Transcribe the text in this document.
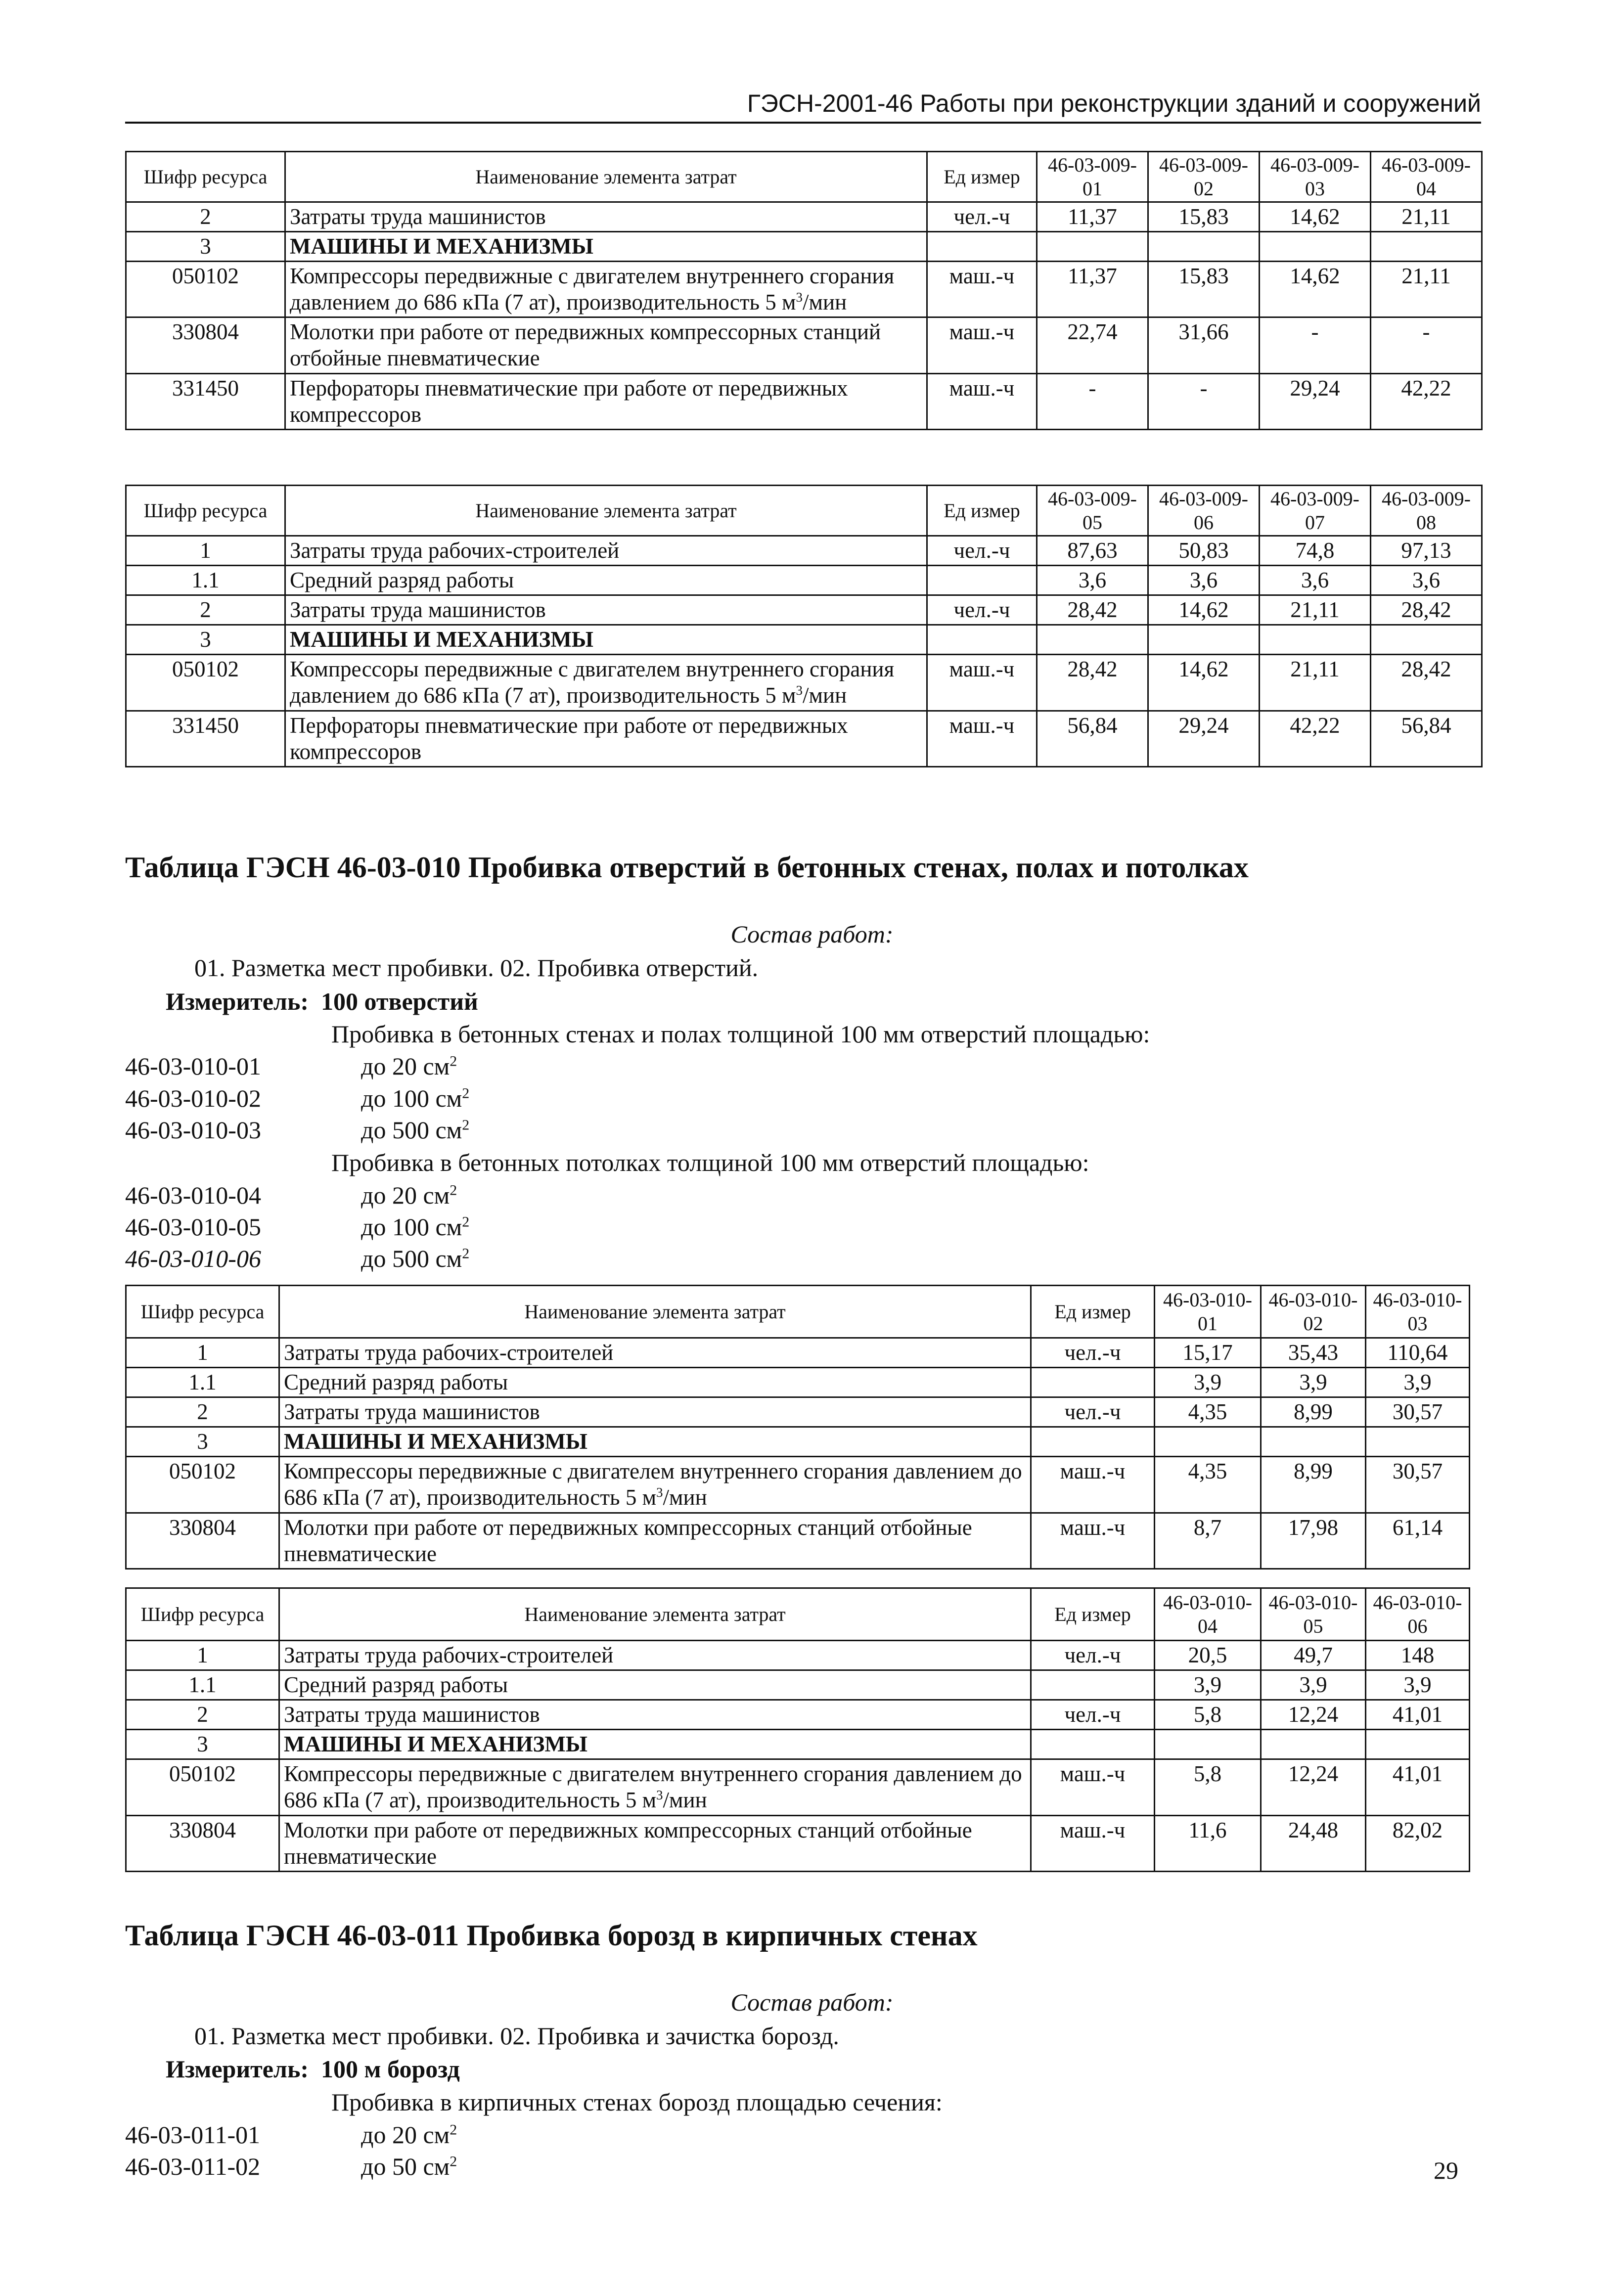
ГЭСН-2001-46 Работы при реконструкции зданий и сооружений
Шифр ресурса	Наименование элемента затрат	Ед измер	46-03-009-01	46-03-009-02	46-03-009-03	46-03-009-04
2	Затраты труда машинистов	чел.-ч	11,37	15,83	14,62	21,11
3	МАШИНЫ И МЕХАНИЗМЫ					
050102	Компрессоры передвижные с двигателем внутреннего сгорания давлением до 686 кПа (7 ат), производительность 5 $м^3$/мин	маш.-ч	11,37	15,83	14,62	21,11
330804	Молотки при работе от передвижных компрессорных станций отбойные пневматические	маш.-ч	22,74	31,66	-	-
331450	Перфораторы пневматические при работе от передвижных компрессоров	маш.-ч	-	-	29,24	42,22
Шифр ресурса	Наименование элемента затрат	Ед измер	46-03-009-05	46-03-009-06	46-03-009-07	46-03-009-08
1	Затраты труда рабочих-строителей	чел.-ч	87,63	50,83	74,8	97,13
1.1	Средний разряд работы		3,6	3,6	3,6	3,6
2	Затраты труда машинистов	чел.-ч	28,42	14,62	21,11	28,42
3	МАШИНЫ И МЕХАНИЗМЫ					
050102	Компрессоры передвижные с двигателем внутреннего сгорания давлением до 686 кПа (7 ат), производительность 5 $м^3$/мин	маш.-ч	28,42	14,62	21,11	28,42
331450	Перфораторы пневматические при работе от передвижных компрессоров	маш.-ч	56,84	29,24	42,22	56,84
Таблица ГЭСН 46-03-010 Пробивка отверстий в бетонных стенах, полах и потолках
Состав работ:
01. Разметка мест пробивки. 02. Пробивка отверстий.
Измеритель: 100 отверстий
Пробивка в бетонных стенах и полах толщиной 100 мм отверстий площадью:
46-03-010-01	до 20 $см^2$
46-03-010-02	до 100 $см^2$
46-03-010-03	до 500 $см^2$
Пробивка в бетонных потолках толщиной 100 мм отверстий площадью:
46-03-010-04	до 20 $см^2$
46-03-010-05	до 100 $см^2$
46-03-010-06	до 500 $см^2$
Шифр ресурса	Наименование элемента затрат	Ед измер	46-03-010-01	46-03-010-02	46-03-010-03
1	Затраты труда рабочих-строителей	чел.-ч	15,17	35,43	110,64
1.1	Средний разряд работы		3,9	3,9	3,9
2	Затраты труда машинистов	чел.-ч	4,35	8,99	30,57
3	МАШИНЫ И МЕХАНИЗМЫ				
050102	Компрессоры передвижные с двигателем внутреннего сгорания давлением до 686 кПа (7 ат), производительность 5 $м^3$/мин	маш.-ч	4,35	8,99	30,57
330804	Молотки при работе от передвижных компрессорных станций отбойные пневматические	маш.-ч	8,7	17,98	61,14
Шифр ресурса	Наименование элемента затрат	Ед измер	46-03-010-04	46-03-010-05	46-03-010-06
1	Затраты труда рабочих-строителей	чел.-ч	20,5	49,7	148
1.1	Средний разряд работы		3,9	3,9	3,9
2	Затраты труда машинистов	чел.-ч	5,8	12,24	41,01
3	МАШИНЫ И МЕХАНИЗМЫ				
050102	Компрессоры передвижные с двигателем внутреннего сгорания давлением до 686 кПа (7 ат), производительность 5 $м^3$/мин	маш.-ч	5,8	12,24	41,01
330804	Молотки при работе от передвижных компрессорных станций отбойные пневматические	маш.-ч	11,6	24,48	82,02
Таблица ГЭСН 46-03-011 Пробивка борозд в кирпичных стенах
Состав работ:
01. Разметка мест пробивки. 02. Пробивка и зачистка борозд.
Измеритель: 100 м борозд
Пробивка в кирпичных стенах борозд площадью сечения:
46-03-011-01	до 20 $см^2$
46-03-011-02	до 50 $см^2$	29
